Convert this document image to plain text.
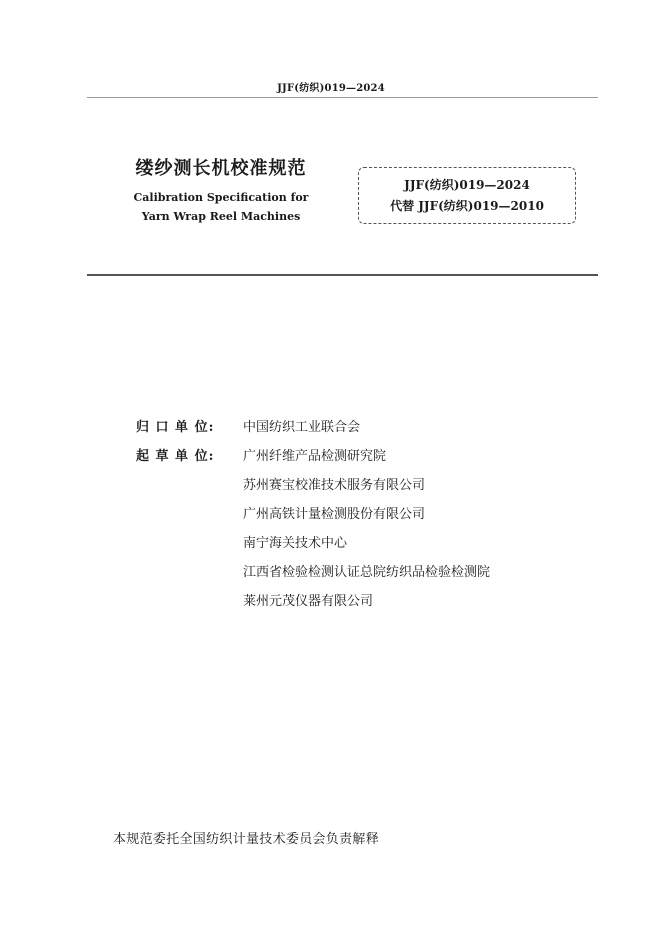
JJF(纺织)019—2024
缕纱测长机校准规范
Calibration Specification for
Yarn Wrap Reel Machines
JJF(纺织)019—2024
代替 JJF(纺织)019—2010
归 口 单 位:	中国纺织工业联合会
起 草 单 位:	广州纤维产品检测研究院
苏州赛宝校准技术服务有限公司
广州高铁计量检测股份有限公司
南宁海关技术中心
江西省检验检测认证总院纺织品检验检测院
莱州元茂仪器有限公司
本规范委托全国纺织计量技术委员会负责解释
